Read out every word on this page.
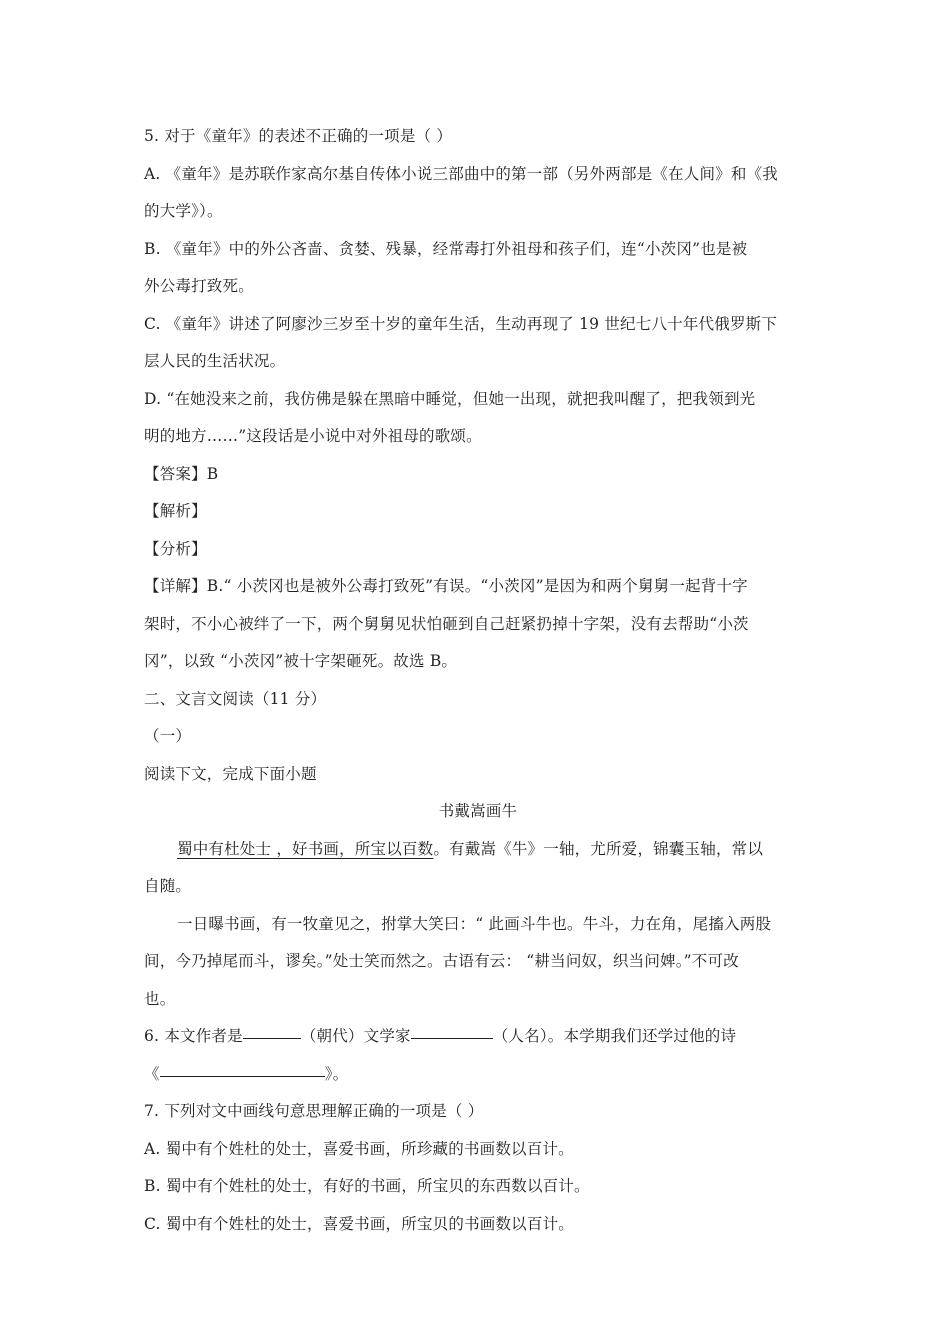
5. 对于《童年》的表述不正确的一项是（ ）
A. 《童年》是苏联作家高尔基自传体小说三部曲中的第一部（另外两部是《在人间》和《我
的大学》）。
B. 《童年》中的外公吝啬、贪婪、残暴，经常毒打外祖母和孩子们，连“小茨冈”也是被
外公毒打致死。
C. 《童年》讲述了阿廖沙三岁至十岁的童年生活，生动再现了 19 世纪七八十年代俄罗斯下
层人民的生活状况。
D. “在她没来之前，我仿佛是躲在黑暗中睡觉，但她一出现，就把我叫醒了，把我领到光
明的地方……”这段话是小说中对外祖母的歌颂。
【答案】B
【解析】
【分析】
【详解】B.“ 小茨冈也是被外公毒打致死”有误。“小茨冈”是因为和两个舅舅一起背十字
架时，不小心被绊了一下，两个舅舅见状怕砸到自己赶紧扔掉十字架，没有去帮助“小茨
冈”，以致 “小茨冈”被十字架砸死。故选 B。
二、文言文阅读（11 分）
（一）
阅读下文，完成下面小题
书戴嵩画牛
蜀中有杜处士 ，好书画，所宝以百数。有戴嵩《牛》一轴，尤所爱，锦囊玉轴，常以
自随。
一日曝书画，有一牧童见之，拊掌大笑曰：“ 此画斗牛也。牛斗，力在角，尾搐入两股
间，今乃掉尾而斗，谬矣。”处士笑而然之。古语有云： “耕当问奴，织当问婢。”不可改
也。
6. 本文作者是	（朝代）文学家	（人名）。本学期我们还学过他的诗
《	》。
7. 下列对文中画线句意思理解正确的一项是（ ）
A. 蜀中有个姓杜的处士，喜爱书画，所珍藏的书画数以百计。
B. 蜀中有个姓杜的处士，有好的书画，所宝贝的东西数以百计。
C. 蜀中有个姓杜的处士，喜爱书画，所宝贝的书画数以百计。
